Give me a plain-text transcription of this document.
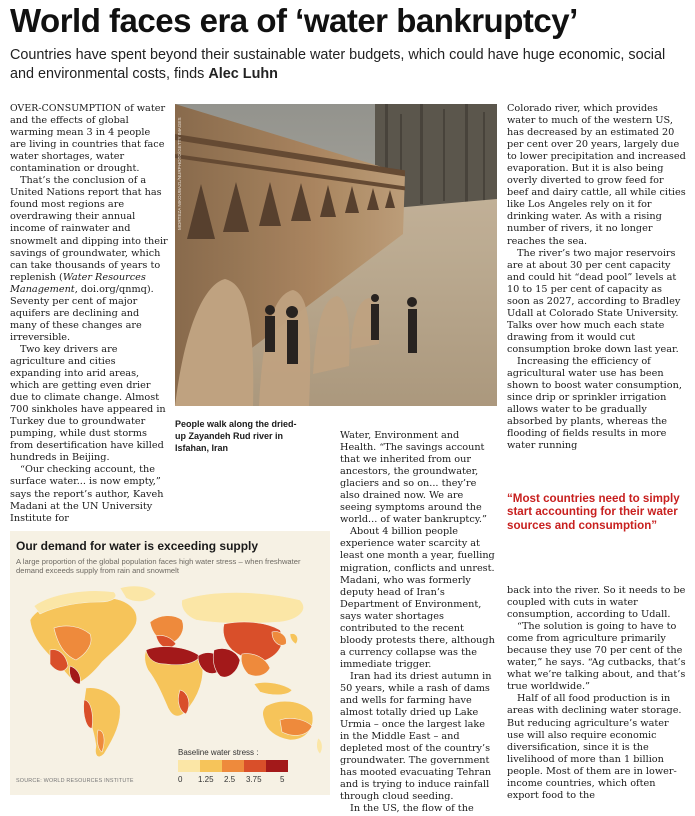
World faces era of ‘water bankruptcy’
Countries have spent beyond their sustainable water budgets, which could have huge economic, social and environmental costs, finds Alec Luhn

OVER-CONSUMPTION of water and the effects of global warming mean 3 in 4 people are living in countries that face water shortages, water contamination or drought.

That’s the conclusion of a United Nations report that has found most regions are overdrawing their annual income of rainwater and snowmelt and dipping into their savings of groundwater, which can take thousands of years to replenish (Water Resources Management, doi.org/qnmq). Seventy per cent of major aquifers are declining and many of these changes are irreversible.

Two key drivers are agriculture and cities expanding into arid areas, which are getting even drier due to climate change. Almost 700 sinkholes have appeared in Turkey due to groundwater pumping, while dust storms from desertification have killed hundreds in Beijing.

“Our checking account, the surface water... is now empty,” says the report’s author, Kaveh Madani at the UN University Institute for

MORTEZA NIKOUBAZL/NURPHOTO/GETTY IMAGES
People walk along the dried-up Zayandeh Rud river in Isfahan, Iran

Water, Environment and Health. “The savings account that we inherited from our ancestors, the groundwater, glaciers and so on... they’re also drained now. We are seeing symptoms around the world... of water bankruptcy.”

About 4 billion people experience water scarcity at least one month a year, fuelling migration, conflicts and unrest. Madani, who was formerly deputy head of Iran’s Department of Environment, says water shortages contributed to the recent bloody protests there, although a currency collapse was the immediate trigger.

Iran had its driest autumn in 50 years, while a rash of dams and wells for farming have almost totally dried up Lake Urmia – once the largest lake in the Middle East – and depleted most of the country’s groundwater. The government has mooted evacuating Tehran and is trying to induce rainfall through cloud seeding.

In the US, the flow of the

Colorado river, which provides water to much of the western US, has decreased by an estimated 20 per cent over 20 years, largely due to lower precipitation and increased evaporation. But it is also being overly diverted to grow feed for beef and dairy cattle, all while cities like Los Angeles rely on it for drinking water. As with a rising number of rivers, it no longer reaches the sea.

The river’s two major reservoirs are at about 30 per cent capacity and could hit “dead pool” levels at 10 to 15 per cent of capacity as soon as 2027, according to Bradley Udall at Colorado State University. Talks over how much each state drawing from it would cut consumption broke down last year.

Increasing the efficiency of agricultural water use has been shown to boost water consumption, since drip or sprinkler irrigation allows water to be gradually absorbed by plants, whereas the flooding of fields results in more water running

“Most countries need to simply start accounting for their water sources and consumption”

back into the river. So it needs to be coupled with cuts in water consumption, according to Udall.

“The solution is going to have to come from agriculture primarily because they use 70 per cent of the water,” he says. “Ag cutbacks, that’s what we’re talking about, and that’s true worldwide.”

Half of all food production is in areas with declining water storage. But reducing agriculture’s water use will also require economic diversification, since it is the livelihood of more than 1 billion people. Most of them are in lower-income countries, which often export food to the

Our demand for water is exceeding supply
A large proportion of the global population faces high water stress – when freshwater demand exceeds supply from rain and snowmelt
Baseline water stress :
0 1.25 2.5 3.75 5
SOURCE: WORLD RESOURCES INSTITUTE
